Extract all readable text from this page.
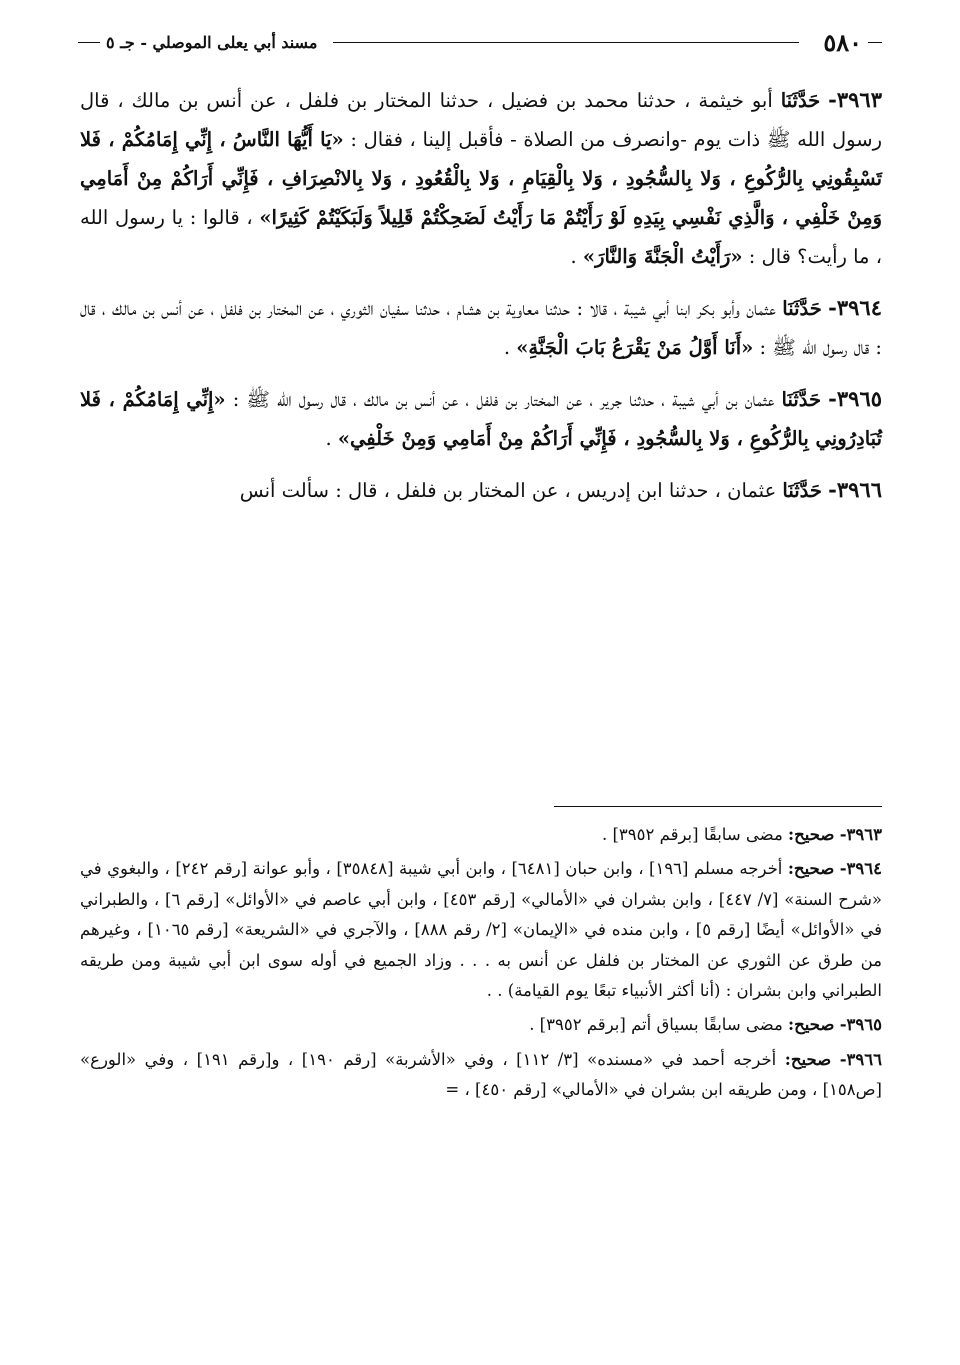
٥٨٠
مسند أبي يعلى الموصلي - جـ ٥

٣٩٦٣- حَدَّثَنَا أبو خيثمة ، حدثنا محمد بن فضيل ، حدثنا المختار بن فلفل ، عن أنس بن مالك ، قال رسول الله ﷺ ذات يوم -وانصرف من الصلاة - فأقبل إلينا ، فقال : «يَا أَيُّهَا النَّاسُ ، إِنِّي إِمَامُكُمْ ، فَلا تَسْبِقُونِي بِالرُّكُوعِ ، وَلا بِالسُّجُودِ ، وَلا بِالْقِيَامِ ، وَلا بِالْقُعُودِ ، وَلا بِالانْصِرَافِ ، فَإِنِّي أَرَاكُمْ مِنْ أَمَامِي وَمِنْ خَلْفِي ، وَالَّذِي نَفْسِي بِيَدِهِ لَوْ رَأَيْتُمْ مَا رَأَيْتُ لَضَحِكْتُمْ قَلِيلاً وَلَبَكَيْتُمْ كَثِيرًا» ، قالوا : يا رسول الله ، ما رأيت؟ قال : «رَأَيْتُ الْجَنَّةَ وَالنَّارَ» .

٣٩٦٤- حَدَّثَنَا عثمان وأبو بكر ابنا أبي شيبة ، قالا : حدثنا معاوية بن هشام ، حدثنا سفيان الثوري ، عن المختار بن فلفل ، عن أنس بن مالك ، قال : قال رسول الله ﷺ : «أَنَا أَوَّلُ مَنْ يَقْرَعُ بَابَ الْجَنَّةِ» .

٣٩٦٥- حَدَّثَنَا عثمان بن أبي شيبة ، حدثنا جرير ، عن المختار بن فلفل ، عن أنس بن مالك ، قال رسول الله ﷺ : «إِنِّي إِمَامُكُمْ ، فَلا تُبَادِرُونِي بِالرُّكُوعِ ، وَلا بِالسُّجُودِ ، فَإِنِّي أَرَاكُمْ مِنْ أَمَامِي وَمِنْ خَلْفِي» .

٣٩٦٦- حَدَّثَنَا عثمان ، حدثنا ابن إدريس ، عن المختار بن فلفل ، قال : سألت أنس

٣٩٦٣- صحيح: مضى سابقًا [برقم ٣٩٥٢] .

٣٩٦٤- صحيح: أخرجه مسلم [١٩٦] ، وابن حبان [٦٤٨١] ، وابن أبي شيبة [٣٥٨٤٨] ، وأبو عوانة [رقم ٢٤٢] ، والبغوي في «شرح السنة» [٧/ ٤٤٧] ، وابن بشران في «الأمالي» [رقم ٤٥٣] ، وابن أبي عاصم في «الأوائل» [رقم ٦] ، والطبراني في «الأوائل» أيضًا [رقم ٥] ، وابن منده في «الإيمان» [٢/ رقم ٨٨٨] ، والآجري في «الشريعة» [رقم ١٠٦٥] ، وغيرهم من طرق عن الثوري عن المختار بن فلفل عن أنس به . . . وزاد الجميع في أوله سوى ابن أبي شيبة ومن طريقه الطبراني وابن بشران : (أنا أكثر الأنبياء تبعًا يوم القيامة) . .

٣٩٦٥- صحيح: مضى سابقًا بسياق أتم [برقم ٣٩٥٢] .

٣٩٦٦- صحيح: أخرجه أحمد في «مسنده» [٣/ ١١٢] ، وفي «الأشربة» [رقم ١٩٠] ، و[رقم ١٩١] ، وفي «الورع» [ص١٥٨] ، ومن طريقه ابن بشران في «الأمالي» [رقم ٤٥٠] ، =
